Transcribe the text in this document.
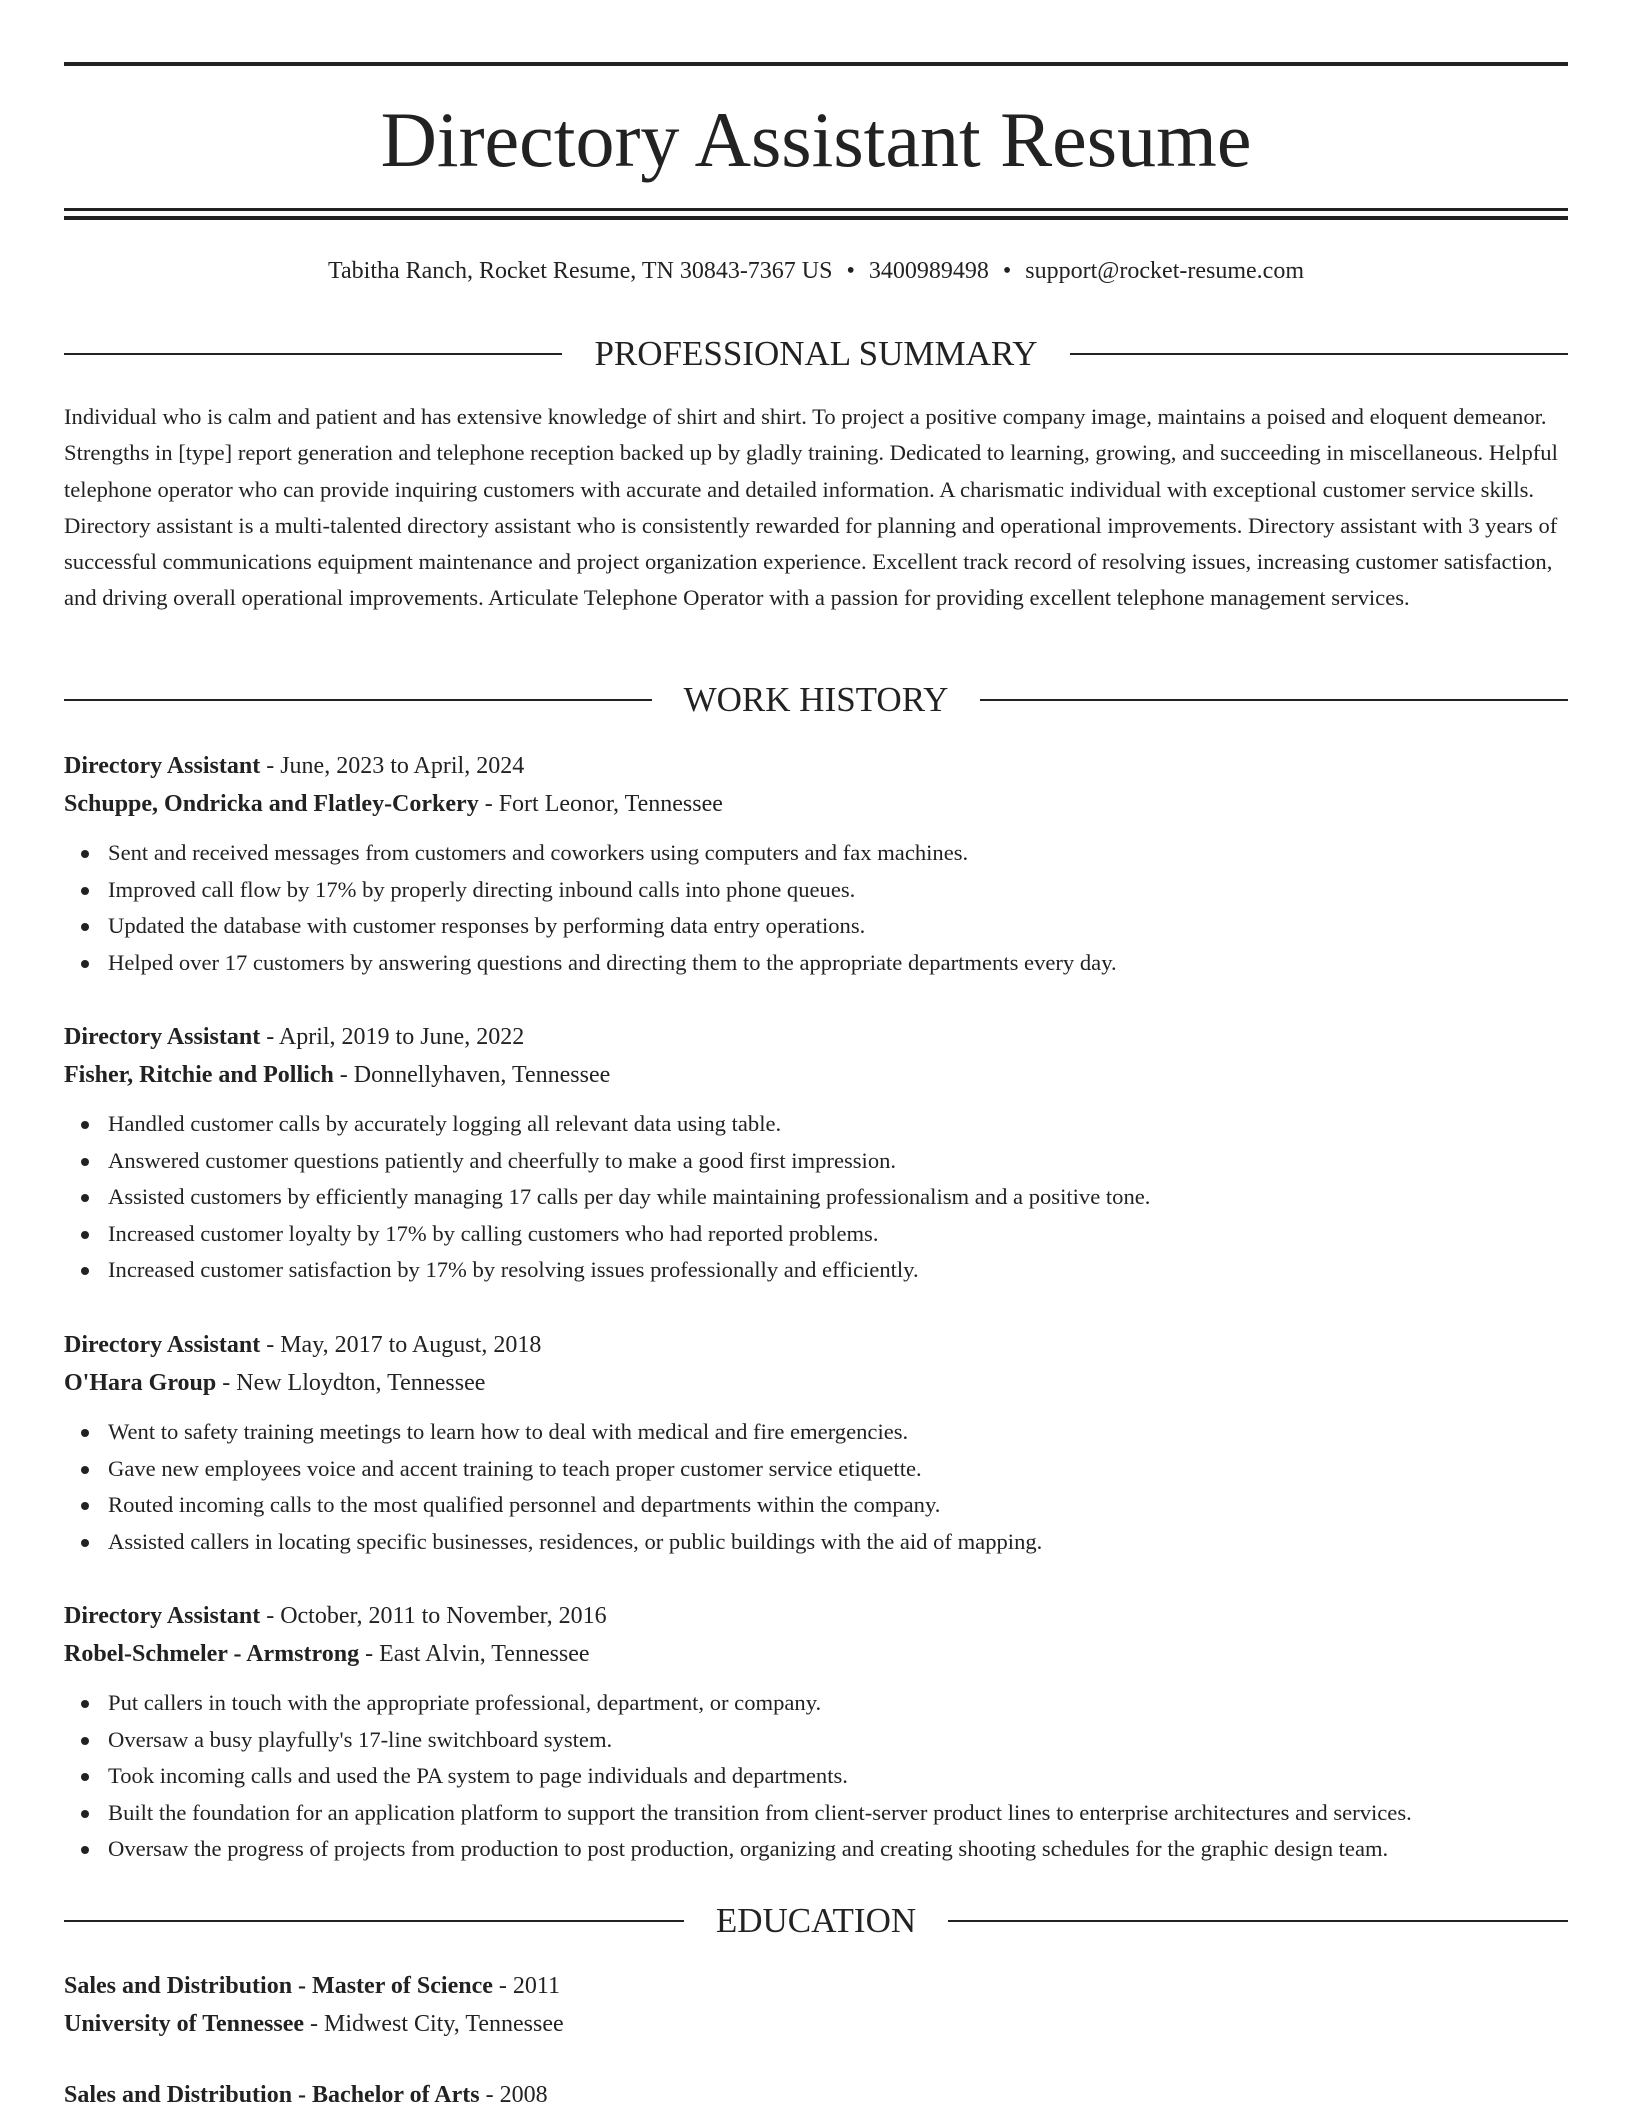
Directory Assistant Resume
Tabitha Ranch, Rocket Resume, TN 30843-7367 US • 3400989498 • support@rocket-resume.com
PROFESSIONAL SUMMARY

Individual who is calm and patient and has extensive knowledge of shirt and shirt. To project a positive company image, maintains a poised and eloquent demeanor. Strengths in [type] report generation and telephone reception backed up by gladly training. Dedicated to learning, growing, and succeeding in miscellaneous. Helpful telephone operator who can provide inquiring customers with accurate and detailed information. A charismatic individual with exceptional customer service skills. Directory assistant is a multi-talented directory assistant who is consistently rewarded for planning and operational improvements. Directory assistant with 3 years of successful communications equipment maintenance and project organization experience. Excellent track record of resolving issues, increasing customer satisfaction, and driving overall operational improvements. Articulate Telephone Operator with a passion for providing excellent telephone management services.

WORK HISTORY
Directory Assistant - June, 2023 to April, 2024
Schuppe, Ondricka and Flatley-Corkery - Fort Leonor, Tennessee
Sent and received messages from customers and coworkers using computers and fax machines.
Improved call flow by 17% by properly directing inbound calls into phone queues.
Updated the database with customer responses by performing data entry operations.
Helped over 17 customers by answering questions and directing them to the appropriate departments every day.
Directory Assistant - April, 2019 to June, 2022
Fisher, Ritchie and Pollich - Donnellyhaven, Tennessee
Handled customer calls by accurately logging all relevant data using table.
Answered customer questions patiently and cheerfully to make a good first impression.
Assisted customers by efficiently managing 17 calls per day while maintaining professionalism and a positive tone.
Increased customer loyalty by 17% by calling customers who had reported problems.
Increased customer satisfaction by 17% by resolving issues professionally and efficiently.
Directory Assistant - May, 2017 to August, 2018
O'Hara Group - New Lloydton, Tennessee
Went to safety training meetings to learn how to deal with medical and fire emergencies.
Gave new employees voice and accent training to teach proper customer service etiquette.
Routed incoming calls to the most qualified personnel and departments within the company.
Assisted callers in locating specific businesses, residences, or public buildings with the aid of mapping.
Directory Assistant - October, 2011 to November, 2016
Robel-Schmeler - Armstrong - East Alvin, Tennessee
Put callers in touch with the appropriate professional, department, or company.
Oversaw a busy playfully's 17-line switchboard system.
Took incoming calls and used the PA system to page individuals and departments.
Built the foundation for an application platform to support the transition from client-server product lines to enterprise architectures and services.
Oversaw the progress of projects from production to post production, organizing and creating shooting schedules for the graphic design team.
EDUCATION
Sales and Distribution - Master of Science - 2011
University of Tennessee - Midwest City, Tennessee
Sales and Distribution - Bachelor of Arts - 2008
